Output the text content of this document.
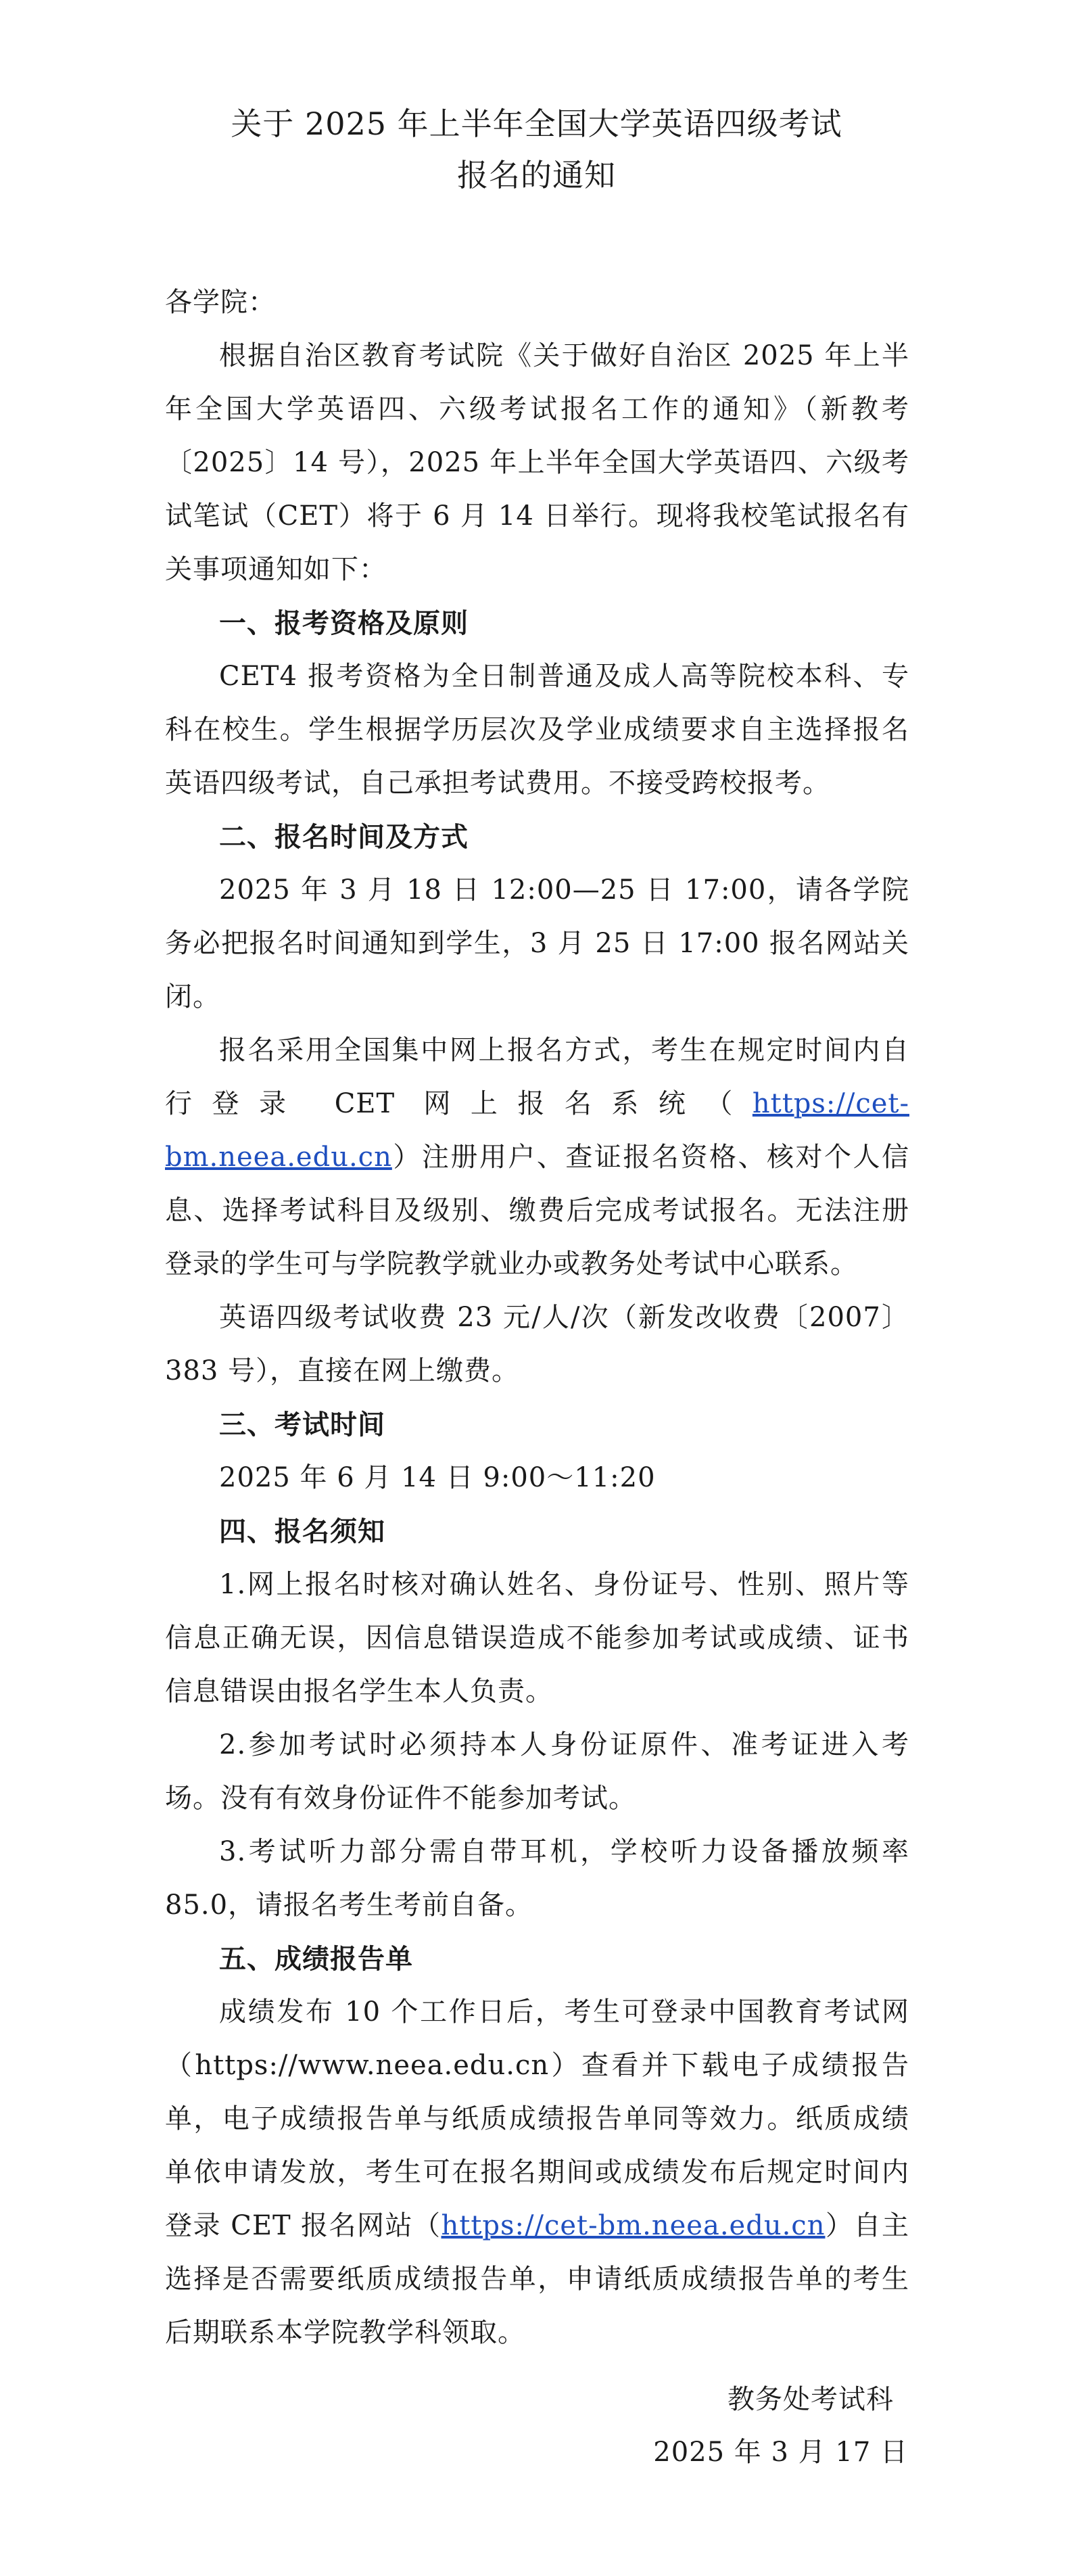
关于 2025 年上半年全国大学英语四级考试
报名的通知

各学院：

根据自治区教育考试院《关于做好自治区 2025 年上半年全国大学英语四、六级考试报名工作的通知》（新教考〔2025〕14 号），2025 年上半年全国大学英语四、六级考试笔试（CET）将于 6 月 14 日举行。现将我校笔试报名有关事项通知如下：

一、报考资格及原则

CET4 报考资格为全日制普通及成人高等院校本科、专科在校生。学生根据学历层次及学业成绩要求自主选择报名英语四级考试，自己承担考试费用。不接受跨校报考。

二、报名时间及方式

2025 年 3 月 18 日 12:00—25 日 17:00，请各学院务必把报名时间通知到学生，3 月 25 日 17:00 报名网站关闭。

报名采用全国集中网上报名方式，考生在规定时间内自行登录 CET 网上报名系统（https://cet-bm.neea.edu.cn）注册用户、查证报名资格、核对个人信息、选择考试科目及级别、缴费后完成考试报名。无法注册登录的学生可与学院教学就业办或教务处考试中心联系。

英语四级考试收费 23 元/人/次（新发改收费〔2007〕383 号），直接在网上缴费。

三、考试时间

2025 年 6 月 14 日 9:00～11:20

四、报名须知

1.网上报名时核对确认姓名、身份证号、性别、照片等信息正确无误，因信息错误造成不能参加考试或成绩、证书信息错误由报名学生本人负责。

2.参加考试时必须持本人身份证原件、准考证进入考场。没有有效身份证件不能参加考试。

3.考试听力部分需自带耳机，学校听力设备播放频率 85.0，请报名考生考前自备。

五、成绩报告单

成绩发布 10 个工作日后，考生可登录中国教育考试网（https://www.neea.edu.cn）查看并下载电子成绩报告单，电子成绩报告单与纸质成绩报告单同等效力。纸质成绩单依申请发放，考生可在报名期间或成绩发布后规定时间内登录 CET 报名网站（https://cet-bm.neea.edu.cn）自主选择是否需要纸质成绩报告单，申请纸质成绩报告单的考生后期联系本学院教学科领取。

教务处考试科
2025 年 3 月 17 日
